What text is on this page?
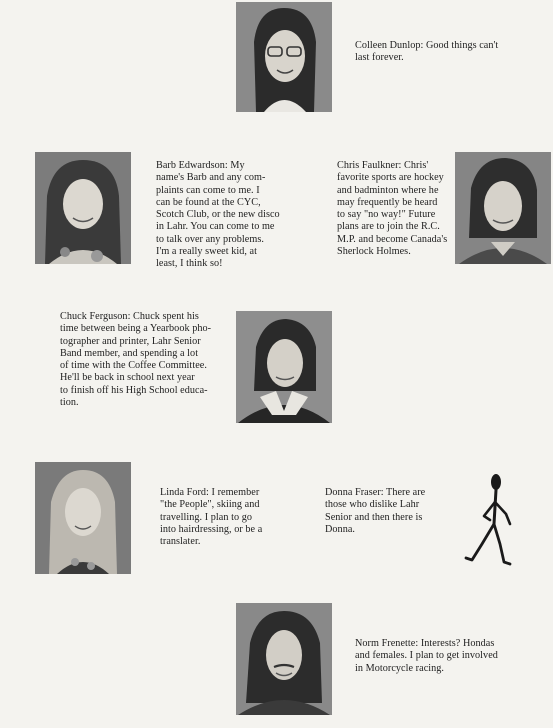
Colleen Dunlop: Good things can't
last forever.
Barb Edwardson: My
name's Barb and any com-
plaints can come to me. I
can be found at the CYC,
Scotch Club, or the new disco
in Lahr. You can come to me
to talk over any problems.
I'm a really sweet kid, at
least, I think so!
Chris Faulkner: Chris'
favorite sports are hockey
and badminton where he
may frequently be heard
to say "no way!" Future
plans are to join the R.C.
M.P. and become Canada's
Sherlock Holmes.
Chuck Ferguson: Chuck spent his
time between being a Yearbook pho-
tographer and printer, Lahr Senior
Band member, and spending a lot
of time with the Coffee Committee.
He'll be back in school next year
to finish off his High School educa-
tion.
Linda Ford: I remember
"the People", skiing and
travelling. I plan to go
into hairdressing, or be a
translater.
Donna Fraser: There are
those who dislike Lahr
Senior and then there is
Donna.
Norm Frenette: Interests? Hondas
and females. I plan to get involved
in Motorcycle racing.
